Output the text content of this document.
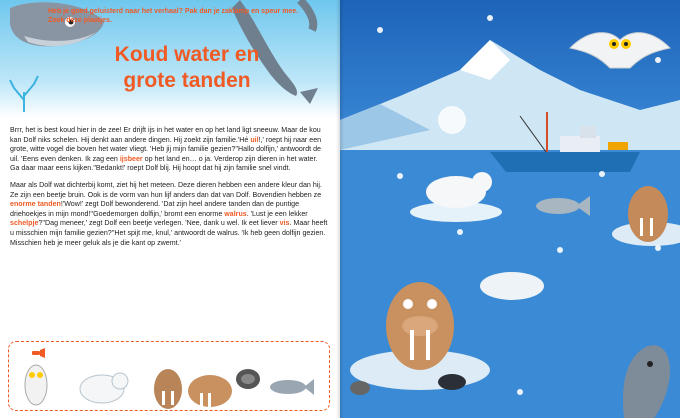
Koud water en
grote tanden

Brrr, het is best koud hier in de zee! Er drijft ijs in het water en op het land ligt sneeuw. Maar de kou kan Dolf niks schelen. Hij denkt aan andere dingen. Hij zoekt zijn familie.'Hé uil!,' roept hij naar een grote, witte vogel die boven het water vliegt. 'Heb jij mijn familie gezien?''Hallo dolfijn,' antwoordt de uil. 'Eens even denken. Ik zag een ijsbeer op het land en… o ja. Verderop zijn dieren in het water. Ga daar maar eens kijken.''Bedankt!' roept Dolf blij. Hij hoopt dat hij zijn familie snel vindt.

Maar als Dolf wat dichterbij komt, ziet hij het meteen. Deze dieren hebben een andere kleur dan hij. Ze zijn een beetje bruin. Ook is de vorm van hun lijf anders dan dat van Dolf. Bovendien hebben ze enorme tanden!'Wow!' zegt Dolf bewonderend. 'Dat zijn heel andere tanden dan de puntige driehoekjes in mijn mond!''Goedemorgen dolfijn,' bromt een enorme walrus. 'Lust je een lekker schelpje?''Dag meneer,' zegt Dolf een beetje verlegen. 'Nee, dank u wel. Ik eet liever vis. Maar heeft u misschien mijn familie gezien?''Het spijt me, knul,' antwoordt de walrus. 'Ik heb geen dolfijn gezien. Misschien heb je meer geluk als je die kant op zwemt.'

Heb je goed geluisterd naar het verhaal? Pak dan je zaklamp en speur mee. Zoek deze plaatjes.
